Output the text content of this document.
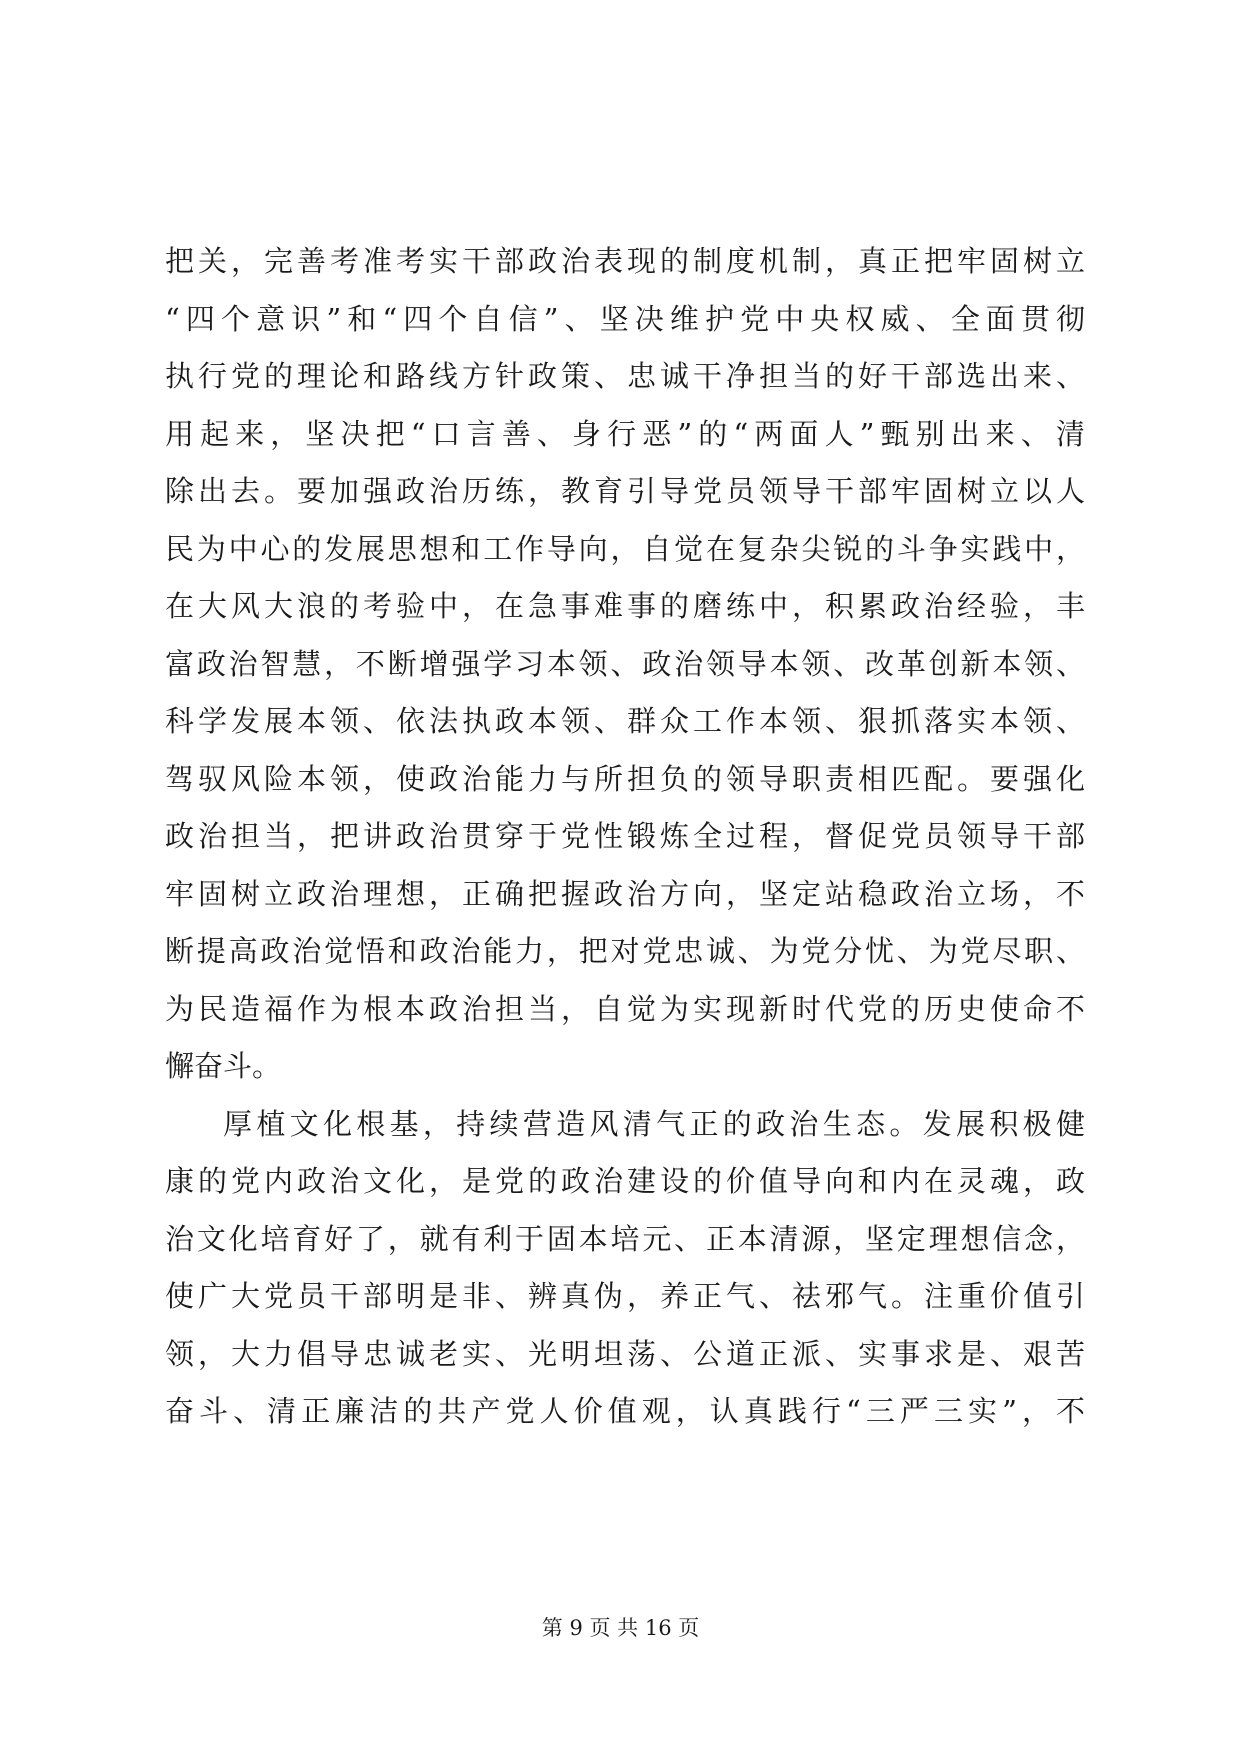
把关，完善考准考实干部政治表现的制度机制，真正把牢固树立
“四个意识”和“四个自信”、坚决维护党中央权威、全面贯彻
执行党的理论和路线方针政策、忠诚干净担当的好干部选出来、
用起来，坚决把“口言善、身行恶”的“两面人”甄别出来、清
除出去。要加强政治历练，教育引导党员领导干部牢固树立以人
民为中心的发展思想和工作导向，自觉在复杂尖锐的斗争实践中，
在大风大浪的考验中，在急事难事的磨练中，积累政治经验，丰
富政治智慧，不断增强学习本领、政治领导本领、改革创新本领、
科学发展本领、依法执政本领、群众工作本领、狠抓落实本领、
驾驭风险本领，使政治能力与所担负的领导职责相匹配。要强化
政治担当，把讲政治贯穿于党性锻炼全过程，督促党员领导干部
牢固树立政治理想，正确把握政治方向，坚定站稳政治立场，不
断提高政治觉悟和政治能力，把对党忠诚、为党分忧、为党尽职、
为民造福作为根本政治担当，自觉为实现新时代党的历史使命不
懈奋斗。
厚植文化根基，持续营造风清气正的政治生态。发展积极健
康的党内政治文化，是党的政治建设的价值导向和内在灵魂，政
治文化培育好了，就有利于固本培元、正本清源，坚定理想信念，
使广大党员干部明是非、辨真伪，养正气、祛邪气。注重价值引
领，大力倡导忠诚老实、光明坦荡、公道正派、实事求是、艰苦
奋斗、清正廉洁的共产党人价值观，认真践行“三严三实”，不
第 9 页 共 16 页
